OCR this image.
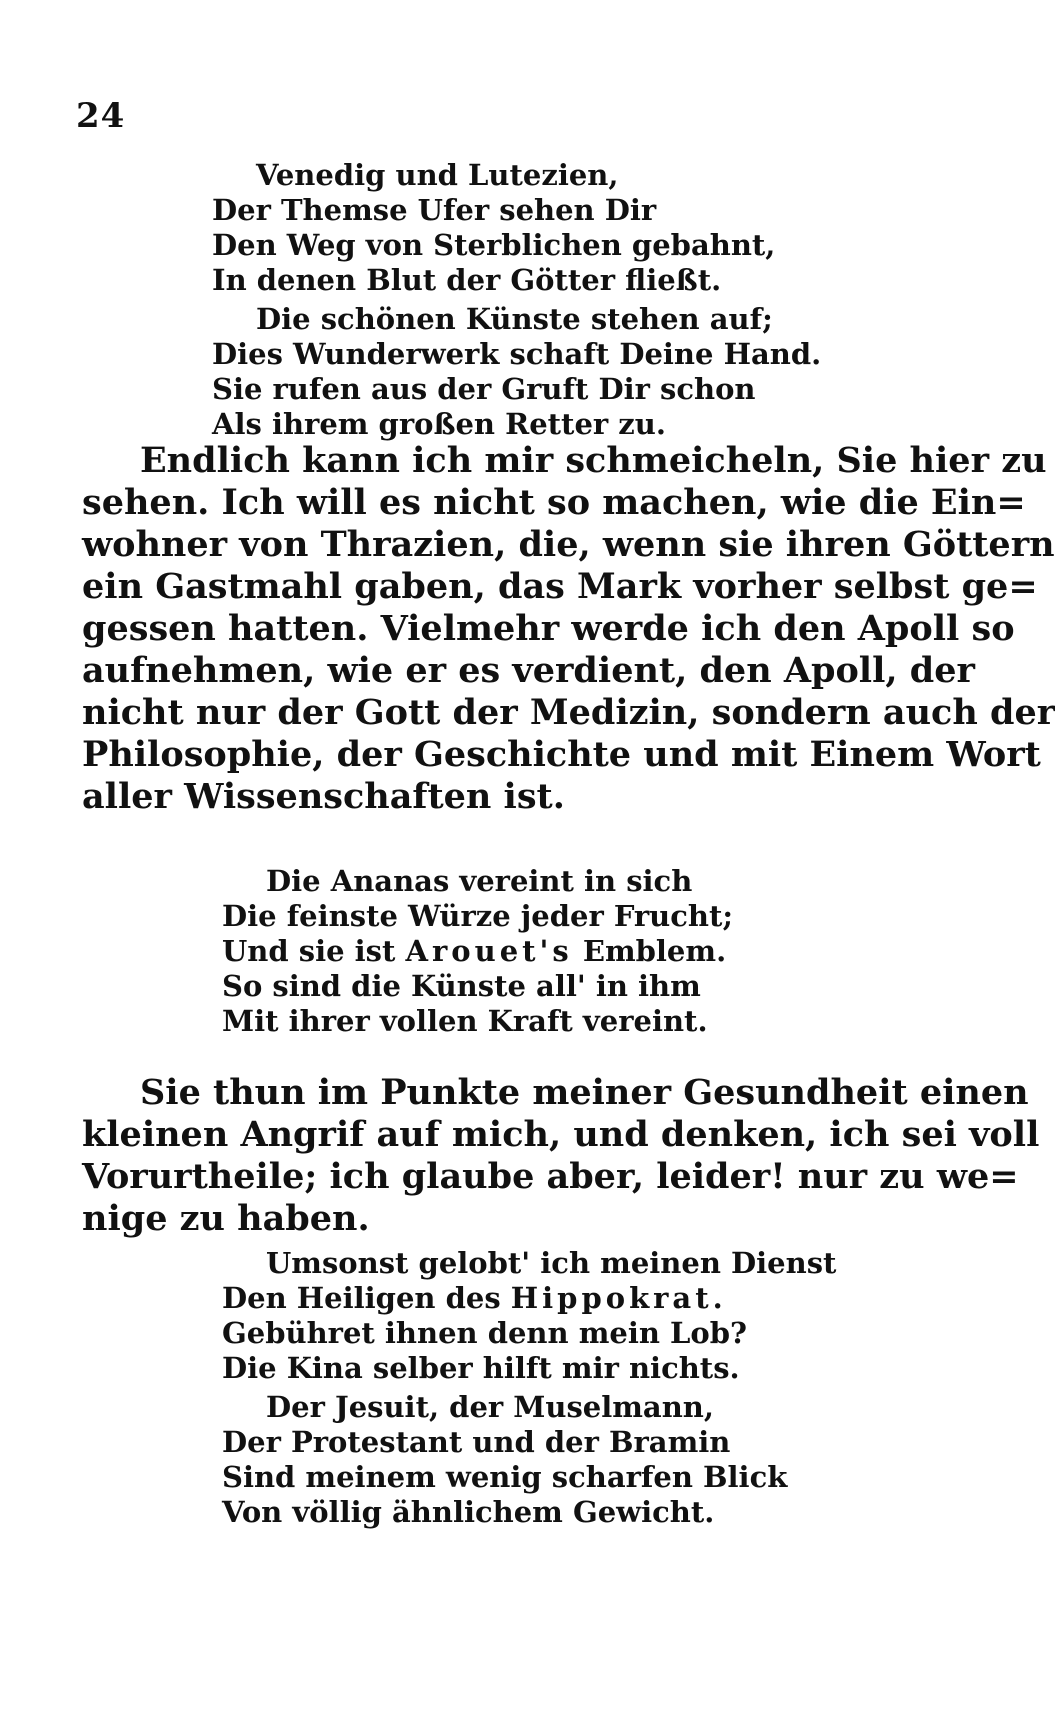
24
Venedig und Lutezien,
Der Themse Ufer sehen Dir
Den Weg von Sterblichen gebahnt,
In denen Blut der Götter fließt.
Die schönen Künste stehen auf;
Dies Wunderwerk schaft Deine Hand.
Sie rufen aus der Gruft Dir schon
Als ihrem großen Retter zu.
Endlich kann ich mir schmeicheln, Sie hier zu
sehen. Ich will es nicht so machen, wie die Ein=
wohner von Thrazien, die, wenn sie ihren Göttern
ein Gastmahl gaben, das Mark vorher selbst ge=
gessen hatten. Vielmehr werde ich den Apoll so
aufnehmen, wie er es verdient, den Apoll, der
nicht nur der Gott der Medizin, sondern auch der
Philosophie, der Geschichte und mit Einem Wort
aller Wissenschaften ist.
Die Ananas vereint in sich
Die feinste Würze jeder Frucht;
Und sie ist Arouet's Emblem.
So sind die Künste all' in ihm
Mit ihrer vollen Kraft vereint.
Sie thun im Punkte meiner Gesundheit einen
kleinen Angrif auf mich, und denken, ich sei voll
Vorurtheile; ich glaube aber, leider! nur zu we=
nige zu haben.
Umsonst gelobt' ich meinen Dienst
Den Heiligen des Hippokrat.
Gebühret ihnen denn mein Lob?
Die Kina selber hilft mir nichts.
Der Jesuit, der Muselmann,
Der Protestant und der Bramin
Sind meinem wenig scharfen Blick
Von völlig ähnlichem Gewicht.
